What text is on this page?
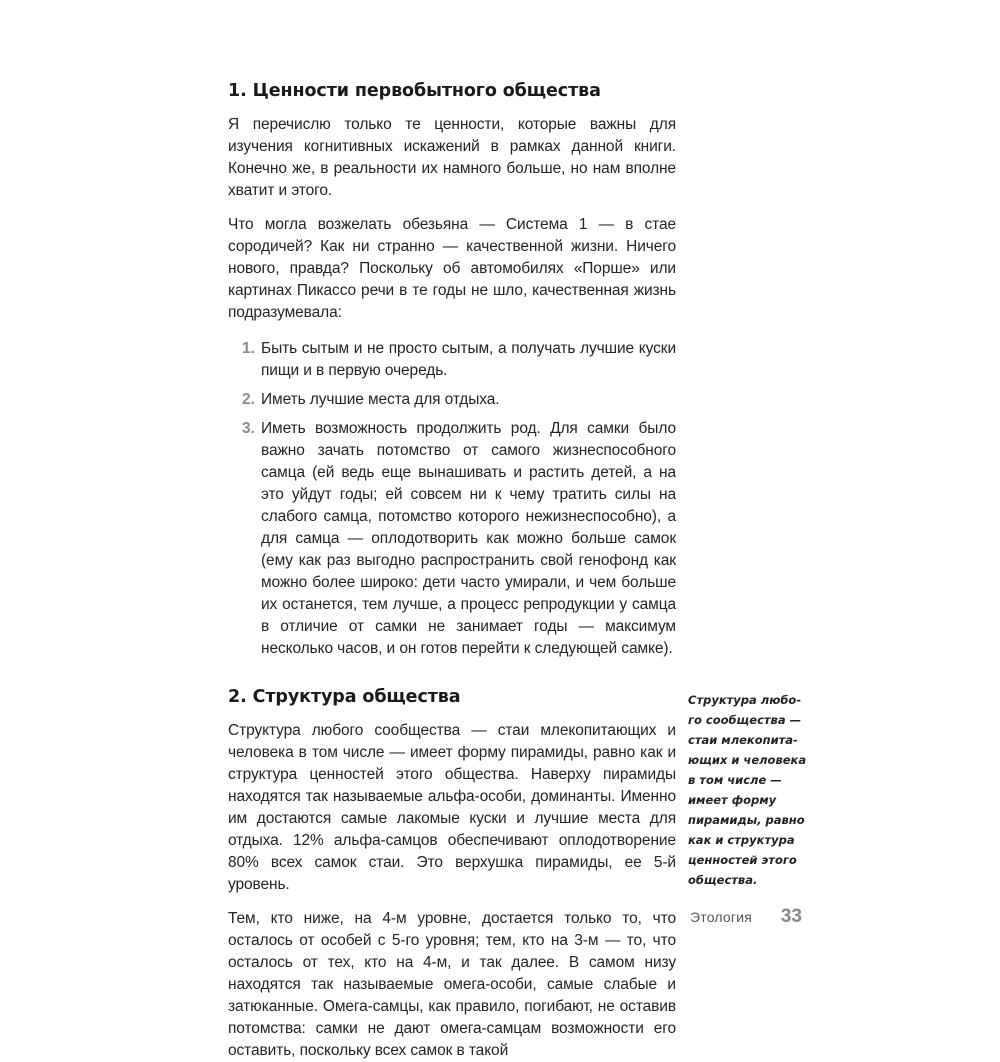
1. Ценности первобытного общества

Я перечислю только те ценности, которые важны для изучения когнитивных искажений в рамках данной книги. Конечно же, в реальности их намного больше, но нам вполне хватит и этого.

Что могла возжелать обезьяна — Система 1 — в стае сородичей? Как ни странно — качественной жизни. Ничего нового, правда? Поскольку об автомобилях «Порше» или картинах Пикассо речи в те годы не шло, качественная жизнь подразумевала:

1. Быть сытым и не просто сытым, а получать лучшие куски пищи и в первую очередь.
2. Иметь лучшие места для отдыха.
3. Иметь возможность продолжить род. Для самки было важно зачать потомство от самого жизнеспособного самца (ей ведь еще вынашивать и растить детей, а на это уйдут годы; ей совсем ни к чему тратить силы на слабого самца, потомство которого нежизнеспособно), а для самца — оплодотворить как можно больше самок (ему как раз выгодно распространить свой генофонд как можно более широко: дети часто умирали, и чем больше их останется, тем лучше, а процесс репродукции у самца в отличие от самки не занимает годы — максимум несколько часов, и он готов перейти к следующей самке).
2. Структура общества

Структура любого сообщества — стаи млекопитающих и человека в том числе — имеет форму пирамиды, равно как и структура ценностей этого общества. Наверху пирамиды находятся так называемые альфа-особи, доминанты. Именно им достаются самые лакомые куски и лучшие места для отдыха. 12% альфа-самцов обеспечивают оплодотворение 80% всех самок стаи. Это верхушка пирамиды, ее 5-й уровень.

Тем, кто ниже, на 4-м уровне, достается только то, что осталось от особей с 5-го уровня; тем, кто на 3-м — то, что осталось от тех, кто на 4-м, и так далее. В самом низу находятся так называемые омега-особи, самые слабые и затюканные. Омега-самцы, как правило, погибают, не оставив потомства: самки не дают омега-самцам возможности его оставить, поскольку всех самок в такой

Структура любо-
го сообщества —
стаи млекопита-
ющих и человека
в том числе —
имеет форму
пирамиды, равно
как и структура
ценностей этого
общества.
Этология 33
